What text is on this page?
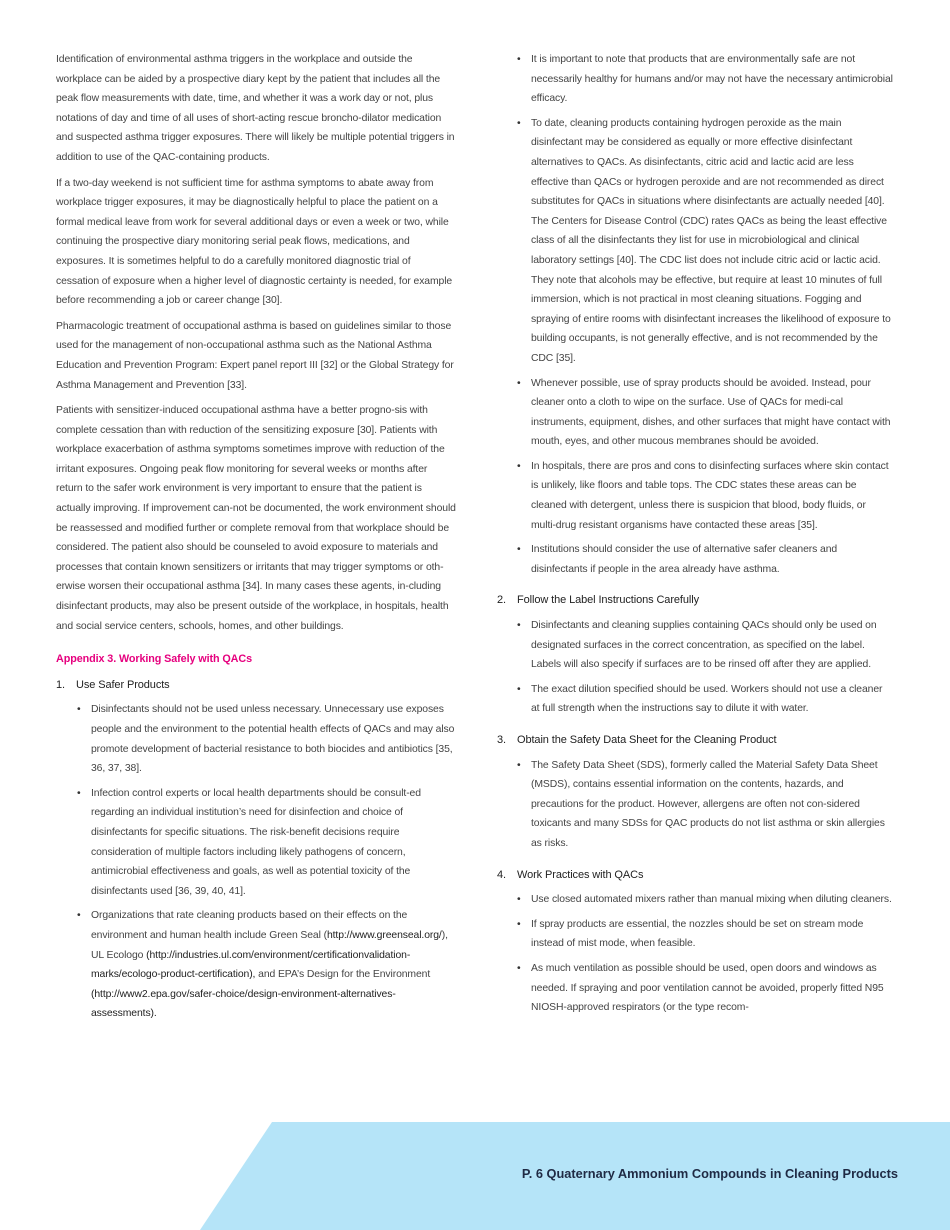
Identification of environmental asthma triggers in the workplace and outside the workplace can be aided by a prospective diary kept by the patient that includes all the peak flow measurements with date, time, and whether it was a work day or not, plus notations of day and time of all uses of short-acting rescue broncho-dilator medication and suspected asthma trigger exposures. There will likely be multiple potential triggers in addition to use of the QAC-containing products.

If a two-day weekend is not sufficient time for asthma symptoms to abate away from workplace trigger exposures, it may be diagnostically helpful to place the patient on a formal medical leave from work for several additional days or even a week or two, while continuing the prospective diary monitoring serial peak flows, medications, and exposures. It is sometimes helpful to do a carefully monitored diagnostic trial of cessation of exposure when a higher level of diagnostic certainty is needed, for example before recommending a job or career change [30].

Pharmacologic treatment of occupational asthma is based on guidelines similar to those used for the management of non-occupational asthma such as the National Asthma Education and Prevention Program: Expert panel report III [32] or the Global Strategy for Asthma Management and Prevention [33].

Patients with sensitizer-induced occupational asthma have a better progno-sis with complete cessation than with reduction of the sensitizing exposure [30]. Patients with workplace exacerbation of asthma symptoms sometimes improve with reduction of the irritant exposures. Ongoing peak flow monitoring for several weeks or months after return to the safer work environment is very important to ensure that the patient is actually improving. If improvement can-not be documented, the work environment should be reassessed and modified further or complete removal from that workplace should be considered. The patient also should be counseled to avoid exposure to materials and processes that contain known sensitizers or irritants that may trigger symptoms or oth-erwise worsen their occupational asthma [34]. In many cases these agents, in-cluding disinfectant products, may also be present outside of the workplace, in hospitals, health and social service centers, schools, homes, and other buildings.

Appendix 3. Working Safely with QACs
1.	Use Safer Products
• Disinfectants should not be used unless necessary. Unnecessary use exposes people and the environment to the potential health effects of QACs and may also promote development of bacterial resistance to both biocides and antibiotics [35, 36, 37, 38].
• Infection control experts or local health departments should be consult-ed regarding an individual institution’s need for disinfection and choice of disinfectants for specific situations. The risk-benefit decisions require consideration of multiple factors including likely pathogens of concern, antimicrobial effectiveness and goals, as well as potential toxicity of the disinfectants used [36, 39, 40, 41].
• Organizations that rate cleaning products based on their effects on the environment and human health include Green Seal (http://www.greenseal.org/), UL Ecologo (http://industries.ul.com/environment/certificationvalidation-marks/ecologo-product-certification), and EPA’s Design for the Environment (http://www2.epa.gov/safer-choice/design-environment-alternatives-assessments).
• It is important to note that products that are environmentally safe are not necessarily healthy for humans and/or may not have the necessary antimicrobial efficacy.
• To date, cleaning products containing hydrogen peroxide as the main disinfectant may be considered as equally or more effective disinfectant alternatives to QACs. As disinfectants, citric acid and lactic acid are less effective than QACs or hydrogen peroxide and are not recommended as direct substitutes for QACs in situations where disinfectants are actually needed [40]. The Centers for Disease Control (CDC) rates QACs as being the least effective class of all the disinfectants they list for use in microbiological and clinical laboratory settings [40]. The CDC list does not include citric acid or lactic acid. They note that alcohols may be effective, but require at least 10 minutes of full immersion, which is not practical in most cleaning situations. Fogging and spraying of entire rooms with disinfectant increases the likelihood of exposure to building occupants, is not generally effective, and is not recommended by the CDC [35].
• Whenever possible, use of spray products should be avoided. Instead, pour cleaner onto a cloth to wipe on the surface. Use of QACs for medi-cal instruments, equipment, dishes, and other surfaces that might have contact with mouth, eyes, and other mucous membranes should be avoided.
• In hospitals, there are pros and cons to disinfecting surfaces where skin contact is unlikely, like floors and table tops. The CDC states these areas can be cleaned with detergent, unless there is suspicion that blood, body fluids, or multi-drug resistant organisms have contacted these areas [35].
• Institutions should consider the use of alternative safer cleaners and disinfectants if people in the area already have asthma.
2.	Follow the Label Instructions Carefully
• Disinfectants and cleaning supplies containing QACs should only be used on designated surfaces in the correct concentration, as specified on the label. Labels will also specify if surfaces are to be rinsed off after they are applied.
• The exact dilution specified should be used. Workers should not use a cleaner at full strength when the instructions say to dilute it with water.
3.	Obtain the Safety Data Sheet for the Cleaning Product
• The Safety Data Sheet (SDS), formerly called the Material Safety Data Sheet (MSDS), contains essential information on the contents, hazards, and precautions for the product. However, allergens are often not con-sidered toxicants and many SDSs for QAC products do not list asthma or skin allergies as risks.
4.	Work Practices with QACs
• Use closed automated mixers rather than manual mixing when diluting cleaners.
• If spray products are essential, the nozzles should be set on stream mode instead of mist mode, when feasible.
• As much ventilation as possible should be used, open doors and windows as needed. If spraying and poor ventilation cannot be avoided, properly fitted N95 NIOSH-approved respirators (or the type recom-
P. 6 Quaternary Ammonium Compounds in Cleaning Products
